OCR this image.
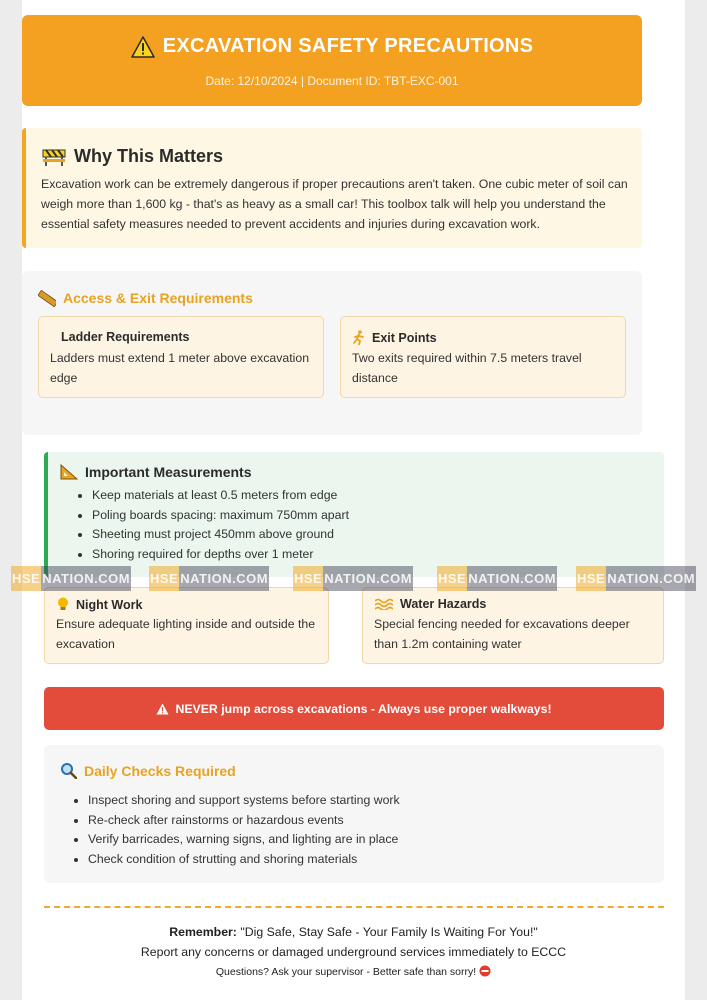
EXCAVATION SAFETY PRECAUTIONS
Date: 12/10/2024 | Document ID: TBT-EXC-001
Why This Matters
Excavation work can be extremely dangerous if proper precautions aren't taken. One cubic meter of soil can weigh more than 1,600 kg - that's as heavy as a small car! This toolbox talk will help you understand the essential safety measures needed to prevent accidents and injuries during excavation work.
Access & Exit Requirements
Ladder Requirements
Ladders must extend 1 meter above excavation edge
Exit Points
Two exits required within 7.5 meters travel distance
Important Measurements
Keep materials at least 0.5 meters from edge
Poling boards spacing: maximum 750mm apart
Sheeting must project 450mm above ground
Shoring required for depths over 1 meter
Night Work
Ensure adequate lighting inside and outside the excavation
Water Hazards
Special fencing needed for excavations deeper than 1.2m containing water
HSE NATION.COM HSE NATION.COM HSE NATION.COM HSE NATION.COM HSE NATION.COM
NEVER jump across excavations - Always use proper walkways!
Daily Checks Required
Inspect shoring and support systems before starting work
Re-check after rainstorms or hazardous events
Verify barricades, warning signs, and lighting are in place
Check condition of strutting and shoring materials
Remember: "Dig Safe, Stay Safe - Your Family Is Waiting For You!"
Report any concerns or damaged underground services immediately to ECCC
Questions? Ask your supervisor - Better safe than sorry!
